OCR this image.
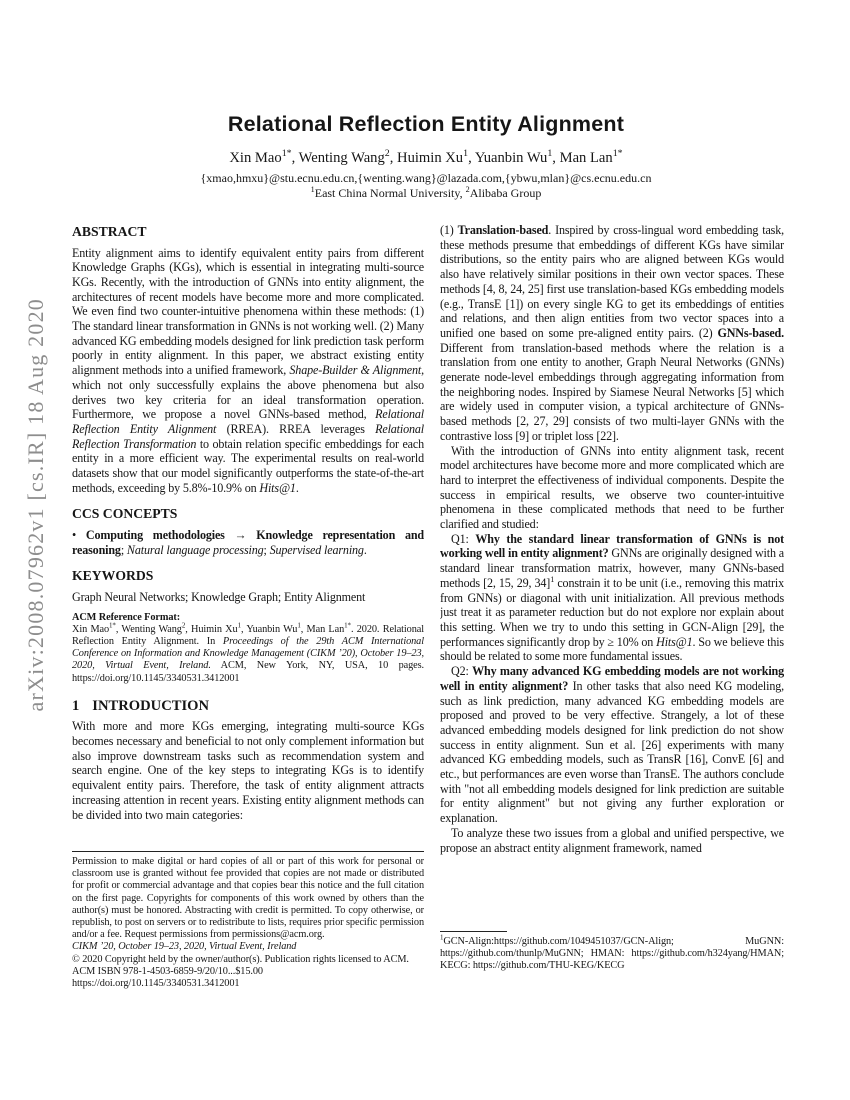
arXiv:2008.07962v1 [cs.IR] 18 Aug 2020
Relational Reflection Entity Alignment
Xin Mao$^{1*}$, Wenting Wang$^2$, Huimin Xu$^1$, Yuanbin Wu$^1$, Man Lan$^{1*}$
{xmao,hmxu}@stu.ecnu.edu.cn,{wenting.wang}@lazada.com,{ybwu,mlan}@cs.ecnu.edu.cn
$^1$East China Normal University, $^2$Alibaba Group
ABSTRACT

Entity alignment aims to identify equivalent entity pairs from different Knowledge Graphs (KGs), which is essential in integrating multi-source KGs. Recently, with the introduction of GNNs into entity alignment, the architectures of recent models have become more and more complicated. We even find two counter-intuitive phenomena within these methods: (1) The standard linear transformation in GNNs is not working well. (2) Many advanced KG embedding models designed for link prediction task perform poorly in entity alignment. In this paper, we abstract existing entity alignment methods into a unified framework, Shape-Builder & Alignment, which not only successfully explains the above phenomena but also derives two key criteria for an ideal transformation operation. Furthermore, we propose a novel GNNs-based method, Relational Reflection Entity Alignment (RREA). RREA leverages Relational Reflection Transformation to obtain relation specific embeddings for each entity in a more efficient way. The experimental results on real-world datasets show that our model significantly outperforms the state-of-the-art methods, exceeding by 5.8%-10.9% on Hits@1.

CCS CONCEPTS

• Computing methodologies → Knowledge representation and reasoning; Natural language processing; Supervised learning.

KEYWORDS

Graph Neural Networks; Knowledge Graph; Entity Alignment

ACM Reference Format:
Xin Mao$^{1*}$, Wenting Wang$^2$, Huimin Xu$^1$, Yuanbin Wu$^1$, Man Lan$^{1*}$. 2020. Relational Reflection Entity Alignment. In Proceedings of the 29th ACM International Conference on Information and Knowledge Management (CIKM ’20), October 19–23, 2020, Virtual Event, Ireland. ACM, New York, NY, USA, 10 pages. https://doi.org/10.1145/3340531.3412001
1 INTRODUCTION

With more and more KGs emerging, integrating multi-source KGs becomes necessary and beneficial to not only complement information but also improve downstream tasks such as recommendation system and search engine. One of the key steps to integrating KGs is to identify equivalent entity pairs. Therefore, the task of entity alignment attracts increasing attention in recent years. Existing entity alignment methods can be divided into two main categories:

(1) Translation-based. Inspired by cross-lingual word embedding task, these methods presume that embeddings of different KGs have similar distributions, so the entity pairs who are aligned between KGs would also have relatively similar positions in their own vector spaces. These methods [4, 8, 24, 25] first use translation-based KGs embedding models (e.g., TransE [1]) on every single KG to get its embeddings of entities and relations, and then align entities from two vector spaces into a unified one based on some pre-aligned entity pairs. (2) GNNs-based. Different from translation-based methods where the relation is a translation from one entity to another, Graph Neural Networks (GNNs) generate node-level embeddings through aggregating information from the neighboring nodes. Inspired by Siamese Neural Networks [5] which are widely used in computer vision, a typical architecture of GNNs-based methods [2, 27, 29] consists of two multi-layer GNNs with the contrastive loss [9] or triplet loss [22].

With the introduction of GNNs into entity alignment task, recent model architectures have become more and more complicated which are hard to interpret the effectiveness of individual components. Despite the success in empirical results, we observe two counter-intuitive phenomena in these complicated methods that need to be further clarified and studied:

Q1: Why the standard linear transformation of GNNs is not working well in entity alignment? GNNs are originally designed with a standard linear transformation matrix, however, many GNNs-based methods [2, 15, 29, 34]$^1$ constrain it to be unit (i.e., removing this matrix from GNNs) or diagonal with unit initialization. All previous methods just treat it as parameter reduction but do not explore nor explain about this setting. When we try to undo this setting in GCN-Align [29], the performances significantly drop by ≥ 10% on Hits@1. So we believe this should be related to some more fundamental issues.

Q2: Why many advanced KG embedding models are not working well in entity alignment? In other tasks that also need KG modeling, such as link prediction, many advanced KG embedding models are proposed and proved to be very effective. Strangely, a lot of these advanced embedding models designed for link prediction do not show success in entity alignment. Sun et al. [26] experiments with many advanced KG embedding models, such as TransR [16], ConvE [6] and etc., but performances are even worse than TransE. The authors conclude with "not all embedding models designed for link prediction are suitable for entity alignment" but not giving any further exploration or explanation.

To analyze these two issues from a global and unified perspective, we propose an abstract entity alignment framework, named

Permission to make digital or hard copies of all or part of this work for personal or classroom use is granted without fee provided that copies are not made or distributed for profit or commercial advantage and that copies bear this notice and the full citation on the first page. Copyrights for components of this work owned by others than the author(s) must be honored. Abstracting with credit is permitted. To copy otherwise, or republish, to post on servers or to redistribute to lists, requires prior specific permission and/or a fee. Request permissions from permissions@acm.org.
CIKM ’20, October 19–23, 2020, Virtual Event, Ireland
© 2020 Copyright held by the owner/author(s). Publication rights licensed to ACM.
ACM ISBN 978-1-4503-6859-9/20/10...$15.00
https://doi.org/10.1145/3340531.3412001
$^1$GCN-Align:https://github.com/1049451037/GCN-Align; MuGNN: https://github.com/thunlp/MuGNN; HMAN: https://github.com/h324yang/HMAN; KECG: https://github.com/THU-KEG/KECG
